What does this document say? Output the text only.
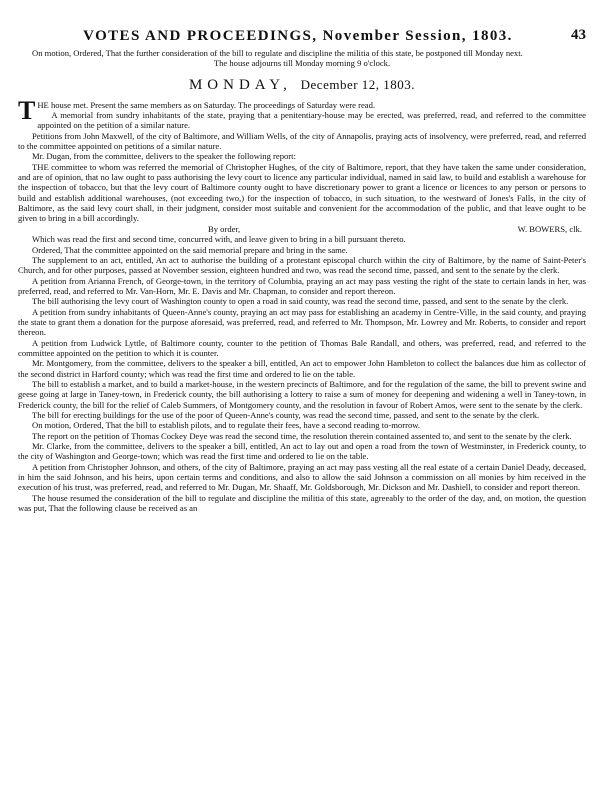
VOTES AND PROCEEDINGS, November Session, 1803.	43

On motion, Ordered, That the further consideration of the bill to regulate and discipline the militia of this state, be postponed till Monday next.

The house adjourns till Monday morning 9 o'clock.

MONDAY, December 12, 1803.

THE house met. Present the same members as on Saturday. The proceedings of Saturday were read.

A memorial from sundry inhabitants of the state, praying that a penitentiary-house may be erected, was preferred, read, and referred to the committee appointed on the petition of a similar nature.

Petitions from John Maxwell, of the city of Baltimore, and William Wells, of the city of Annapolis, praying acts of insolvency, were preferred, read, and referred to the committee appointed on petitions of a similar nature.

Mr. Dugan, from the committee, delivers to the speaker the following report:

THE committee to whom was referred the memorial of Christopher Hughes, of the city of Baltimore, report, that they have taken the same under consideration, and are of opinion, that no law ought to pass authorising the levy court to licence any particular individual, named in said law, to build and establish a warehouse for the inspection of tobacco, but that the levy court of Baltimore county ought to have discretionary power to grant a licence or licences to any person or persons to build and establish additional warehouses, (not exceeding two,) for the inspection of tobacco, in such situation, to the westward of Jones's Falls, in the city of Baltimore, as the said levy court shall, in their judgment, consider most suitable and convenient for the accommodation of the public, and that leave ought to be given to bring in a bill accordingly.

By order,	W. BOWERS, clk.

Which was read the first and second time, concurred with, and leave given to bring in a bill pursuant thereto.

Ordered, That the committee appointed on the said memorial prepare and bring in the same.

The supplement to an act, entitled, An act to authorise the building of a protestant episcopal church within the city of Baltimore, by the name of Saint-Peter's Church, and for other purposes, passed at November session, eighteen hundred and two, was read the second time, passed, and sent to the senate by the clerk.

A petition from Arianna French, of George-town, in the territory of Columbia, praying an act may pass vesting the right of the state to certain lands in her, was preferred, read, and referred to Mr. Van-Horn, Mr. E. Davis and Mr. Chapman, to consider and report thereon.

The bill authorising the levy court of Washington county to open a road in said county, was read the second time, passed, and sent to the senate by the clerk.

A petition from sundry inhabitants of Queen-Anne's county, praying an act may pass for establishing an academy in Centre-Ville, in the said county, and praying the state to grant them a donation for the purpose aforesaid, was preferred, read, and referred to Mr. Thompson, Mr. Lowrey and Mr. Roberts, to consider and report thereon.

A petition from Ludwick Lyttle, of Baltimore county, counter to the petition of Thomas Bale Randall, and others, was preferred, read, and referred to the committee appointed on the petition to which it is counter.

Mr. Montgomery, from the committee, delivers to the speaker a bill, entitled, An act to empower John Hambleton to collect the balances due him as collector of the second district in Harford county; which was read the first time and ordered to lie on the table.

The bill to establish a market, and to build a market-house, in the western precincts of Baltimore, and for the regulation of the same, the bill to prevent swine and geese going at large in Taney-town, in Frederick county, the bill authorising a lottery to raise a sum of money for deepening and widening a well in Taney-town, in Frederick county, the bill for the relief of Caleb Summers, of Montgomery county, and the resolution in favour of Robert Amos, were sent to the senate by the clerk.

The bill for erecting buildings for the use of the poor of Queen-Anne's county, was read the second time, passed, and sent to the senate by the clerk.

On motion, Ordered, That the bill to establish pilots, and to regulate their fees, have a second reading to-morrow.

The report on the petition of Thomas Cockey Deye was read the second time, the resolution therein contained assented to, and sent to the senate by the clerk.

Mr. Clarke, from the committee, delivers to the speaker a bill, entitled, An act to lay out and open a road from the town of Westminster, in Frederick county, to the city of Washington and George-town; which was read the first time and ordered to lie on the table.

A petition from Christopher Johnson, and others, of the city of Baltimore, praying an act may pass vesting all the real estate of a certain Daniel Deady, deceased, in him the said Johnson, and his heirs, upon certain terms and conditions, and also to allow the said Johnson a commission on all monies by him received in the execution of his trust, was preferred, read, and referred to Mr. Dugan, Mr. Shaaff, Mr. Goldsborough, Mr. Dickson and Mr. Dashiell, to consider and report thereon.

The house resumed the consideration of the bill to regulate and discipline the militia of this state, agreeably to the order of the day, and, on motion, the question was put, That the following clause be received as an
